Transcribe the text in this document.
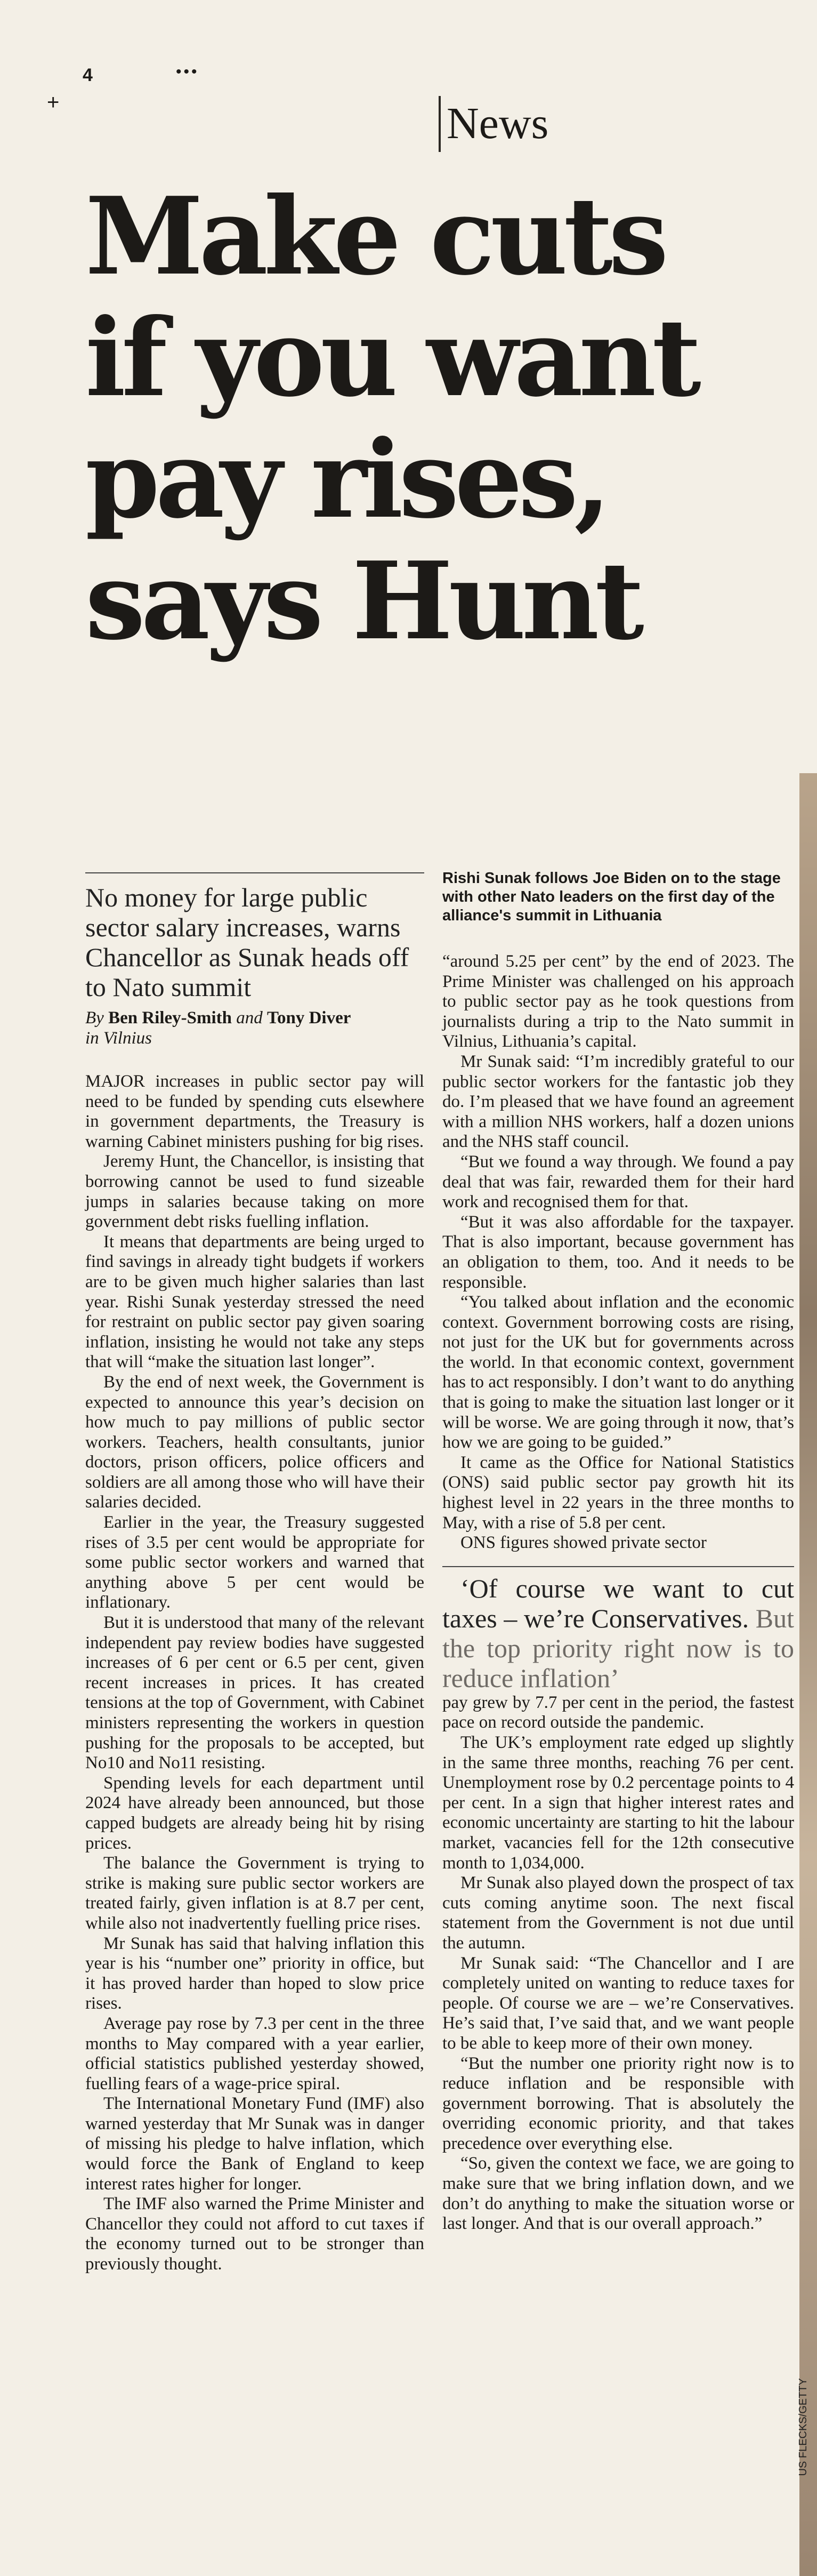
4	•••
+	News
Make cuts
if you want
pay rises,
says Hunt
US FLECKS/GETTY

No money for large public sector salary increases, warns Chancellor as Sunak heads off to Nato summit

By Ben Riley-Smith and Tony Diver
in Vilnius

MAJOR increases in public sector pay will need to be funded by spending cuts elsewhere in government departments, the Treasury is warning Cabinet ministers pushing for big rises.

Jeremy Hunt, the Chancellor, is insisting that borrowing cannot be used to fund sizeable jumps in salaries because taking on more government debt risks fuelling inflation.

It means that departments are being urged to find savings in already tight budgets if workers are to be given much higher salaries than last year. Rishi Sunak yesterday stressed the need for restraint on public sector pay given soaring inflation, insisting he would not take any steps that will “make the situation last longer”.

By the end of next week, the Government is expected to announce this year’s decision on how much to pay millions of public sector workers. Teachers, health consultants, junior doctors, prison officers, police officers and soldiers are all among those who will have their salaries decided.

Earlier in the year, the Treasury suggested rises of 3.5 per cent would be appropriate for some public sector workers and warned that anything above 5 per cent would be inflationary.

But it is understood that many of the relevant independent pay review bodies have suggested increases of 6 per cent or 6.5 per cent, given recent increases in prices. It has created tensions at the top of Government, with Cabinet ministers representing the workers in question pushing for the proposals to be accepted, but No10 and No11 resisting.

Spending levels for each department until 2024 have already been announced, but those capped budgets are already being hit by rising prices.

The balance the Government is trying to strike is making sure public sector workers are treated fairly, given inflation is at 8.7 per cent, while also not inadvertently fuelling price rises.

Mr Sunak has said that halving inflation this year is his “number one” priority in office, but it has proved harder than hoped to slow price rises.

Average pay rose by 7.3 per cent in the three months to May compared with a year earlier, official statistics published yesterday showed, fuelling fears of a wage-price spiral.

The International Monetary Fund (IMF) also warned yesterday that Mr Sunak was in danger of missing his pledge to halve inflation, which would force the Bank of England to keep interest rates higher for longer.

The IMF also warned the Prime Minister and Chancellor they could not afford to cut taxes if the economy turned out to be stronger than previously thought.

Rishi Sunak follows Joe Biden on to the stage with other Nato leaders on the first day of the alliance's summit in Lithuania

“around 5.25 per cent” by the end of 2023. The Prime Minister was challenged on his approach to public sector pay as he took questions from journalists during a trip to the Nato summit in Vilnius, Lithuania’s capital.

Mr Sunak said: “I’m incredibly grateful to our public sector workers for the fantastic job they do. I’m pleased that we have found an agreement with a million NHS workers, half a dozen unions and the NHS staff council.

“But we found a way through. We found a pay deal that was fair, rewarded them for their hard work and recognised them for that.

“But it was also affordable for the taxpayer. That is also important, because government has an obligation to them, too. And it needs to be responsible.

“You talked about inflation and the economic context. Government borrowing costs are rising, not just for the UK but for governments across the world. In that economic context, government has to act responsibly. I don’t want to do anything that is going to make the situation last longer or it will be worse. We are going through it now, that’s how we are going to be guided.”

It came as the Office for National Statistics (ONS) said public sector pay growth hit its highest level in 22 years in the three months to May, with a rise of 5.8 per cent.

ONS figures showed private sector

‘Of course we want to cut taxes – we’re Conservatives. But the top priority right now is to reduce inflation’

pay grew by 7.7 per cent in the period, the fastest pace on record outside the pandemic.

The UK’s employment rate edged up slightly in the same three months, reaching 76 per cent. Unemployment rose by 0.2 percentage points to 4 per cent. In a sign that higher interest rates and economic uncertainty are starting to hit the labour market, vacancies fell for the 12th consecutive month to 1,034,000.

Mr Sunak also played down the prospect of tax cuts coming anytime soon. The next fiscal statement from the Government is not due until the autumn.

Mr Sunak said: “The Chancellor and I are completely united on wanting to reduce taxes for people. Of course we are – we’re Conservatives. He’s said that, I’ve said that, and we want people to be able to keep more of their own money.

“But the number one priority right now is to reduce inflation and be responsible with government borrowing. That is absolutely the overriding economic priority, and that takes precedence over everything else.

“So, given the context we face, we are going to make sure that we bring inflation down, and we don’t do anything to make the situation worse or last longer. And that is our overall approach.”
